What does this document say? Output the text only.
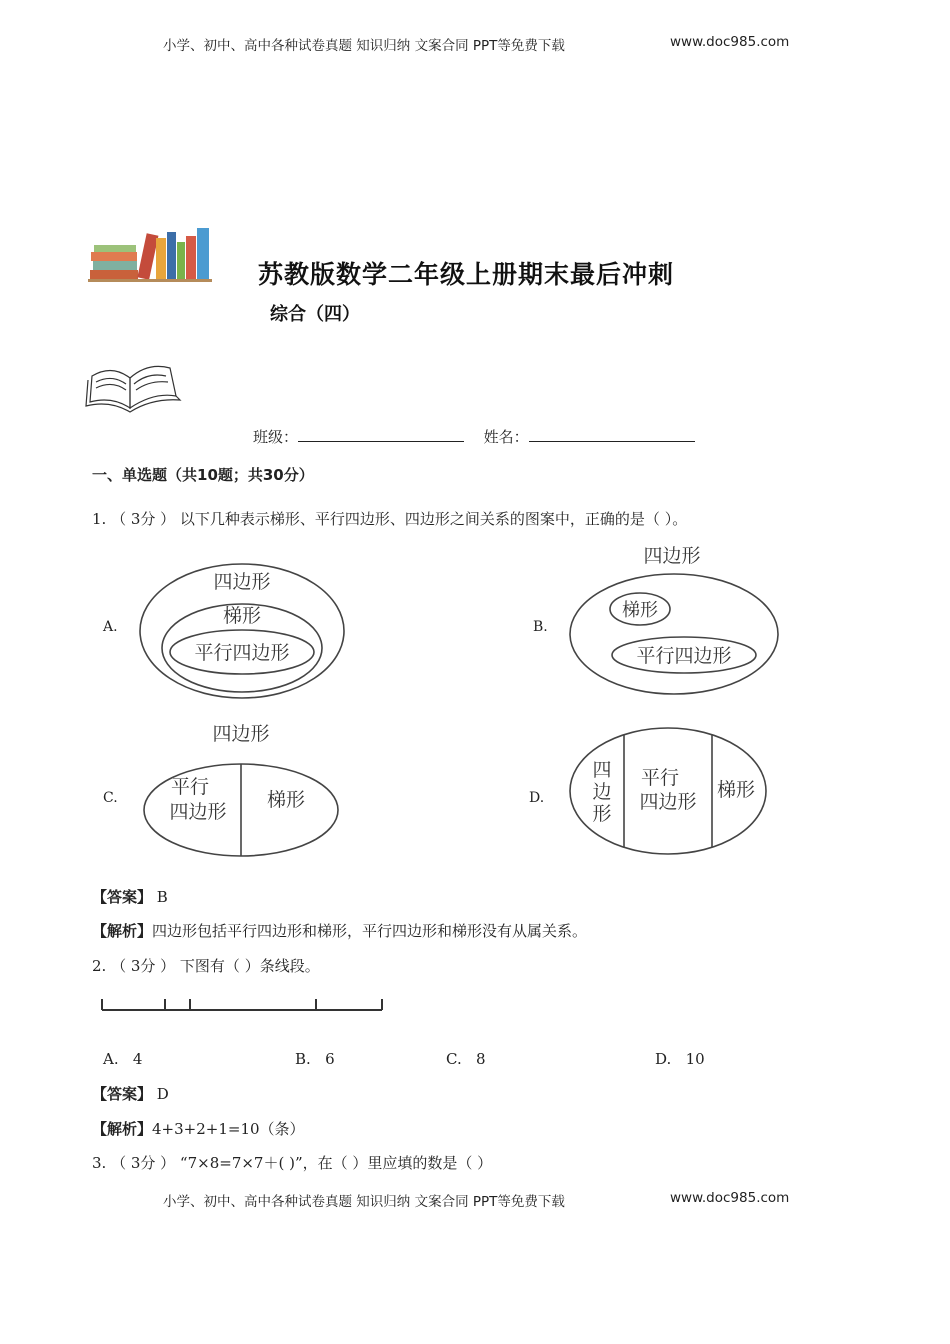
小学、初中、高中各种试卷真题 知识归纳 文案合同 PPT等免费下载	www.doc985.com
苏教版数学二年级上册期末最后冲刺
综合（四）
班级：	姓名：
一、单选题（共10题；共30分）
1. （ 3分 ） 以下几种表示梯形、平行四边形、四边形之间关系的图案中，正确的是（ ）。
A.
四边形
梯形
平行四边形
B.
四边形
梯形
平行四边形
C.
四边形
平行
四边形
梯形	D.
四
边
形
平行
四边形
梯形
【答案】 B
【解析】四边形包括平行四边形和梯形，平行四边形和梯形没有从属关系。
2. （ 3分 ） 下图有（ ）条线段。
A. 4	B. 6	C. 8	D. 10
【答案】 D
【解析】4+3+2+1=10（条）
3. （ 3分 ） “7×8=7×7＋( )”，在（ ）里应填的数是（ ）
小学、初中、高中各种试卷真题 知识归纳 文案合同 PPT等免费下载	www.doc985.com
